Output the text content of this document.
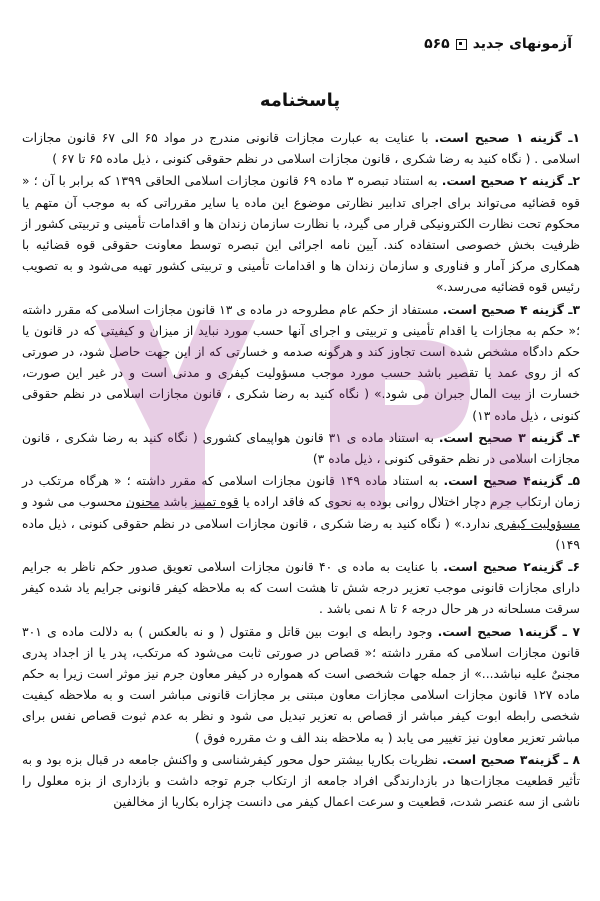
آزمونهای جدید
۵۶۵
پاسخنامه

۱ـ گزینه ۱ صحیح است. با عنایت به عبارت مجازات قانونی مندرج در مواد ۶۵ الی ۶۷ قانون مجازات اسلامی . ( نگاه کنید به رضا شکری ، قانون مجازات اسلامی در نظم حقوقی کنونی ، ذیل ماده ۶۵ تا ۶۷ )

۲ـ گزینه ۲ صحیح است. به استناد تبصره ۳ ماده ۶۹ قانون مجازات اسلامی الحاقی ۱۳۹۹ که برابر با آن ؛ « قوه قضائیه می‌تواند برای اجرای تدابیر نظارتی موضوع این ماده یا سایر مقرراتی که به موجب آن متهم یا محکوم تحت نظارت الکترونیکی قرار می گیرد، با نظارت سازمان زندان ها و اقدامات تأمینی و تربیتی کشور از ظرفیت بخش خصوصی استفاده کند. آیین نامه اجرائی این تبصره توسط معاونت حقوقی قوه قضائیه با همکاری مرکز آمار و فناوری و سازمان زندان ها و اقدامات تأمینی و تربیتی کشور تهیه می‌شود و به تصویب رئیس قوه قضائیه می‌رسد.»

۳ـ گزینه ۴ صحیح است. مستفاد از حکم عام مطروحه در ماده ی ۱۳ قانون مجازات اسلامی که مقرر داشته ؛« حکم به مجازات یا اقدام تأمینی و تربیتی و اجرای آنها حسب مورد نباید از میزان و کیفیتی که در قانون یا حکم دادگاه مشخص شده است تجاوز کند و هرگونه صدمه و خسارتی که از این جهت حاصل شود، در صورتی که از روی عمد یا تقصیر باشد حسب مورد موجب مسؤولیت کیفری و مدنی است و در غیر این صورت، خسارت از بیت المال جبران می شود.» ( نگاه کنید به رضا شکری ، قانون مجازات اسلامی در نظم حقوقی کنونی ، ذیل ماده ۱۳)

۴ـ گزینه ۳ صحیح است. به استناد ماده ی ۳۱ قانون هواپیمای کشوری ( نگاه کنید به رضا شکری ، قانون مجازات اسلامی در نظم حقوقی کنونی ، ذیل ماده ۳)

۵ـ گزینه۴ صحیح است. به استناد ماده ۱۴۹ قانون مجازات اسلامی که مقرر داشته ؛ « هرگاه مرتکب در زمان ارتکاب جرم دچار اختلال روانی بوده به نحوی که فاقد اراده یا قوه تمییز باشد مجنون محسوب می شود و مسؤولیت کیفری ندارد.» ( نگاه کنید به رضا شکری ، قانون مجازات اسلامی در نظم حقوقی کنونی ، ذیل ماده ۱۴۹)

۶ـ گزینه۲ صحیح است. با عنایت به ماده ی ۴۰ قانون مجازات اسلامی تعویق صدور حکم ناظر به جرایم دارای مجازات قانونی موجب تعزیر درجه شش تا هشت است که به ملاحظه کیفر قانونی جرایم یاد شده کیفر سرقت مسلحانه در هر حال درجه ۶ تا ۸ نمی باشد .

۷ ـ گزینه۱ صحیح است. وجود رابطه ی ابوت بین قاتل و مقتول ( و نه بالعکس ) به دلالت ماده ی ۳۰۱ قانون مجازات اسلامی که مقرر داشته ؛« قصاص در صورتی ثابت می‌شود که مرتکب، پدر یا از اجداد پدری مجنیٌ علیه نباشد...» از جمله جهات شخصی است که همواره در کیفر معاون جرم نیز موثر است زیرا به حکم ماده ۱۲۷ قانون مجازات اسلامی مجازات معاون مبتنی بر مجازات قانونی مباشر است و به ملاحظه کیفیت شخصی رابطه ابوت کیفر مباشر از قصاص به تعزیر تبدیل می شود و نظر به عدم ثبوت قصاص نفس برای مباشر تعزیر معاون نیز تغییر می یابد ( به ملاحظه بند الف و ث مقرره فوق )

۸ ـ گزینه۳ صحیح است. نظریات بکاریا بیشتر حول محور کیفرشناسی و واکنش جامعه در قبال بزه بود و به تأثیر قطعیت مجازات‌ها در بازدارندگی افراد جامعه از ارتکاب جرم توجه داشت و بازداری از بزه معلول را ناشی از سه عنصر شدت، قطعیت و سرعت اعمال کیفر می دانست چزاره بکاریا از مخالفین
